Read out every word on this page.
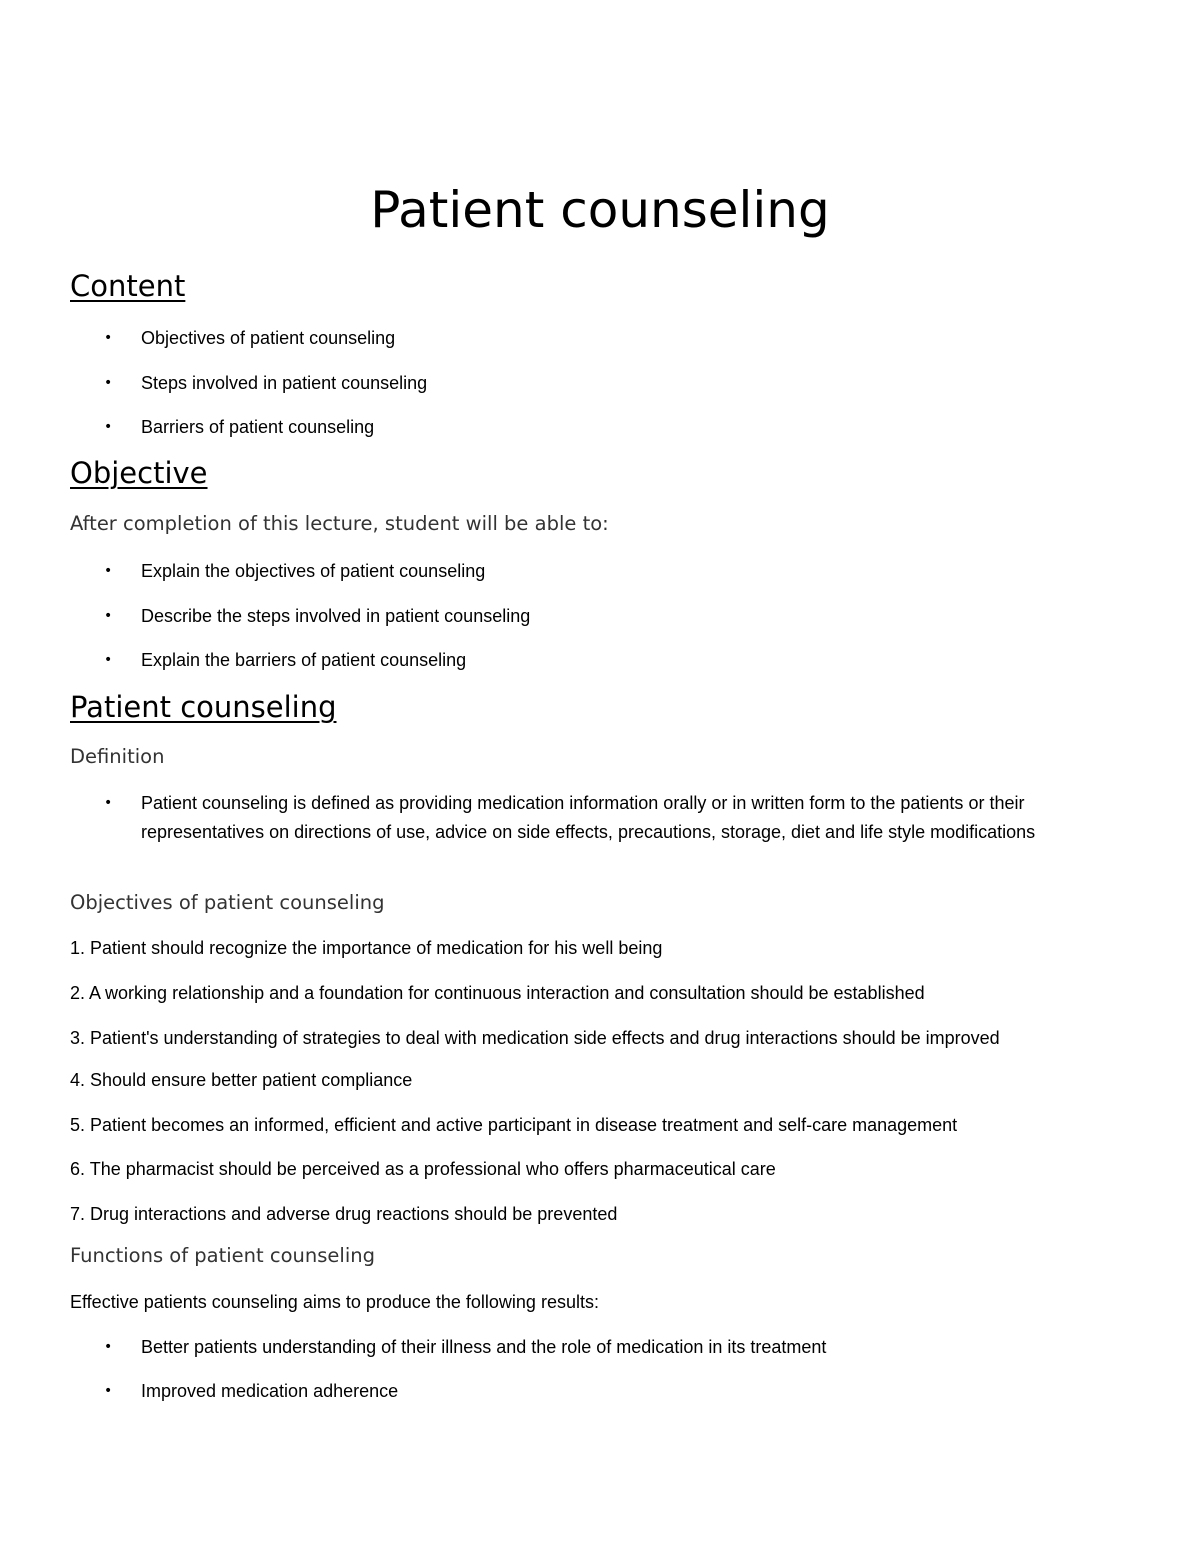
Patient counseling
Content
• Objectives of patient counseling
• Steps involved in patient counseling
• Barriers of patient counseling
Objective

After completion of this lecture, student will be able to:

• Explain the objectives of patient counseling
• Describe the steps involved in patient counseling
• Explain the barriers of patient counseling
Patient counseling
Definition
• Patient counseling is defined as providing medication information orally or in written form to the patients or their representatives on directions of use, advice on side effects, precautions, storage, diet and life style modifications
Objectives of patient counseling
1. Patient should recognize the importance of medication for his well being
2. A working relationship and a foundation for continuous interaction and consultation should be established
3. Patient's understanding of strategies to deal with medication side effects and drug interactions should be improved
4. Should ensure better patient compliance
5. Patient becomes an informed, efficient and active participant in disease treatment and self-care management
6. The pharmacist should be perceived as a professional who offers pharmaceutical care
7. Drug interactions and adverse drug reactions should be prevented
Functions of patient counseling
Effective patients counseling aims to produce the following results:
• Better patients understanding of their illness and the role of medication in its treatment
• Improved medication adherence
